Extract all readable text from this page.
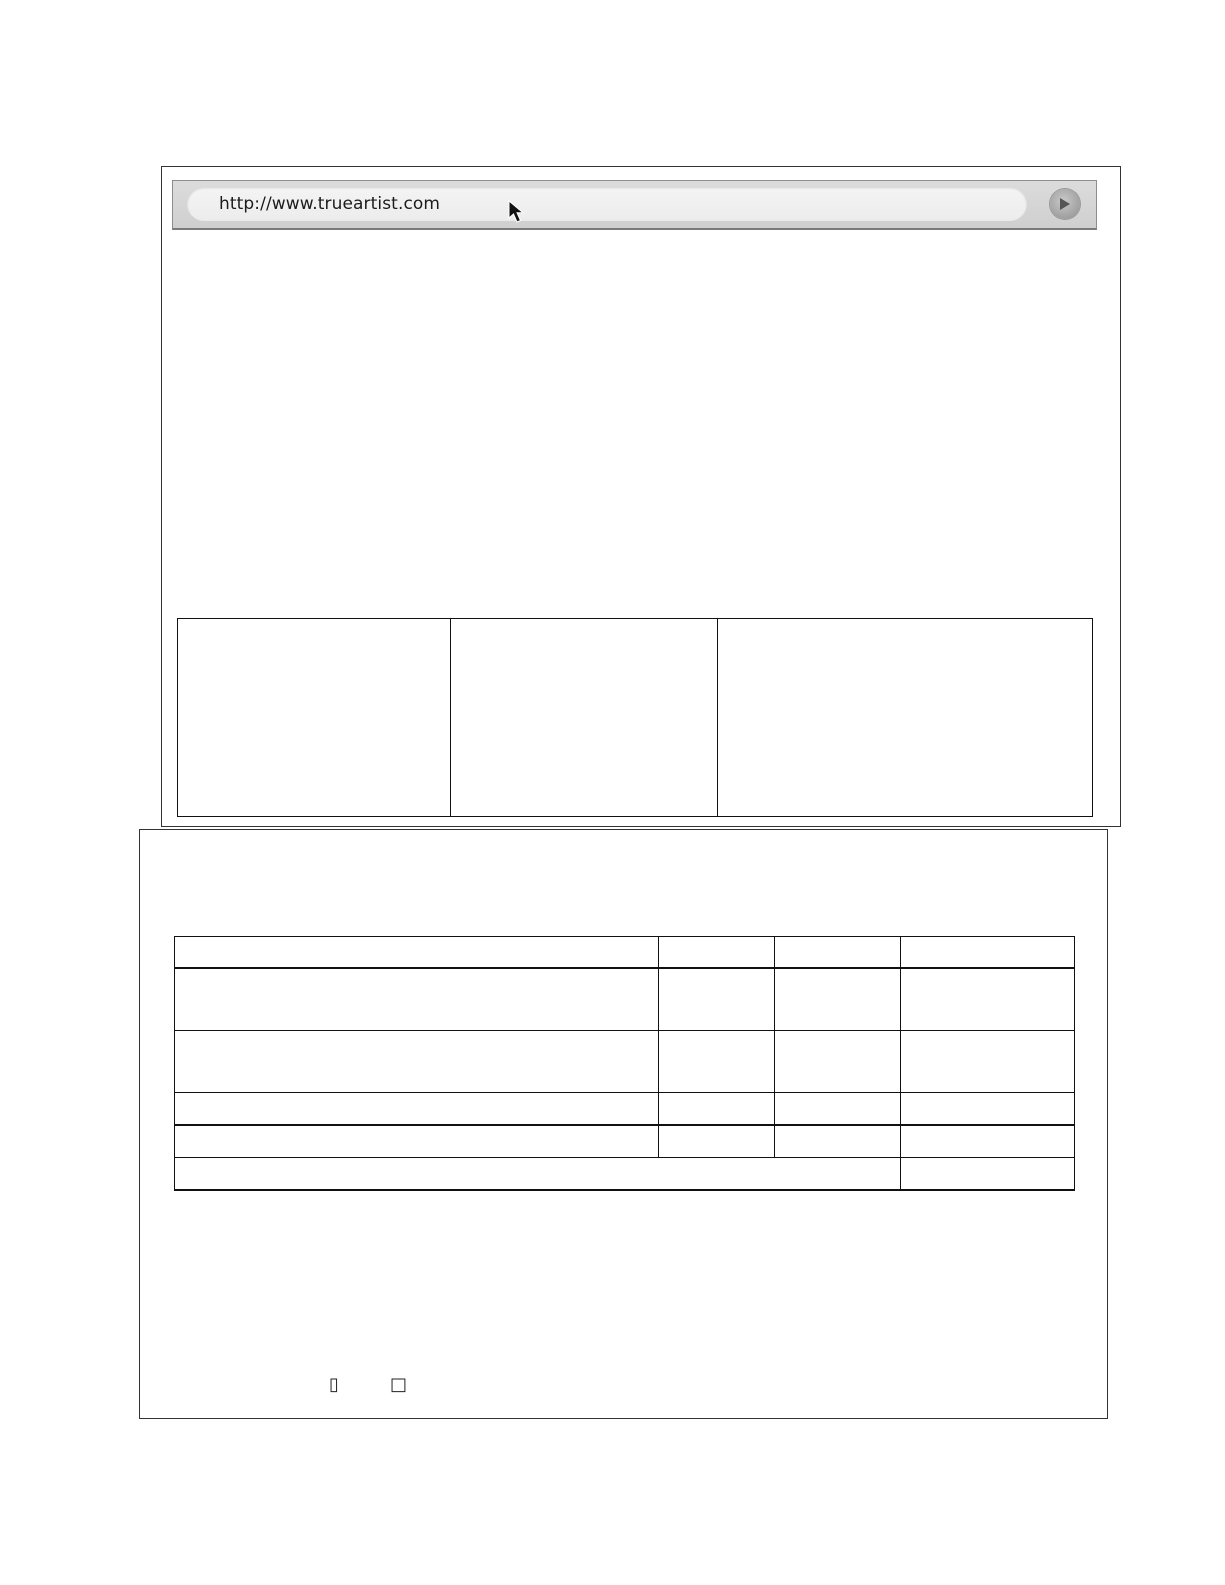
http://www.trueartist.com

▯	□
